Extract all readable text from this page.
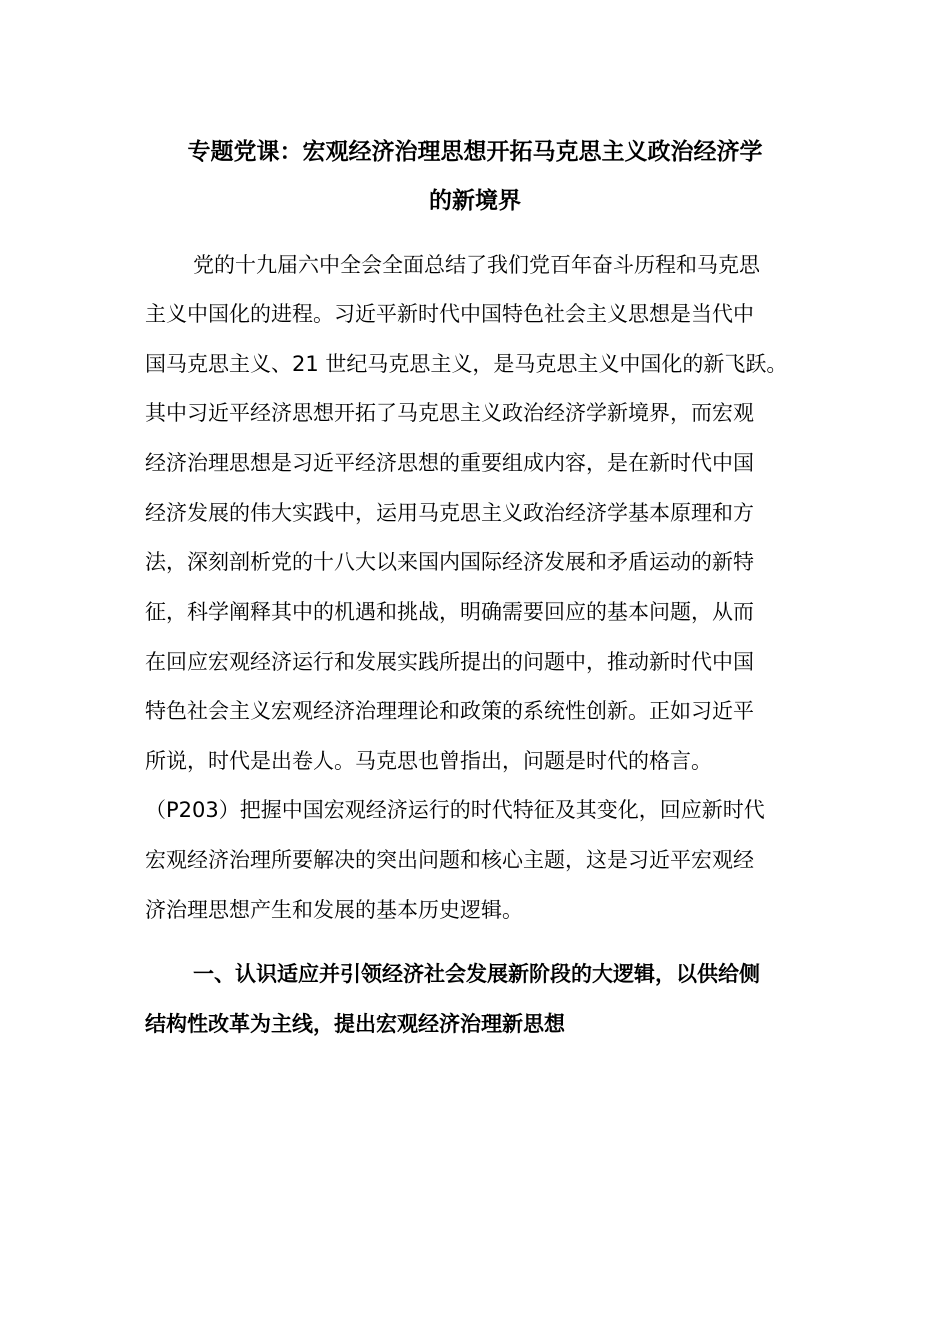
专题党课：宏观经济治理思想开拓马克思主义政治经济学
的新境界
党的十九届六中全会全面总结了我们党百年奋斗历程和马克思
主义中国化的进程。习近平新时代中国特色社会主义思想是当代中
国马克思主义、21 世纪马克思主义，是马克思主义中国化的新飞跃。
其中习近平经济思想开拓了马克思主义政治经济学新境界，而宏观
经济治理思想是习近平经济思想的重要组成内容，是在新时代中国
经济发展的伟大实践中，运用马克思主义政治经济学基本原理和方
法，深刻剖析党的十八大以来国内国际经济发展和矛盾运动的新特
征，科学阐释其中的机遇和挑战，明确需要回应的基本问题，从而
在回应宏观经济运行和发展实践所提出的问题中，推动新时代中国
特色社会主义宏观经济治理理论和政策的系统性创新。正如习近平
所说，时代是出卷人。马克思也曾指出，问题是时代的格言。
（P203）把握中国宏观经济运行的时代特征及其变化，回应新时代
宏观经济治理所要解决的突出问题和核心主题，这是习近平宏观经
济治理思想产生和发展的基本历史逻辑。
一、认识适应并引领经济社会发展新阶段的大逻辑，以供给侧
结构性改革为主线，提出宏观经济治理新思想
